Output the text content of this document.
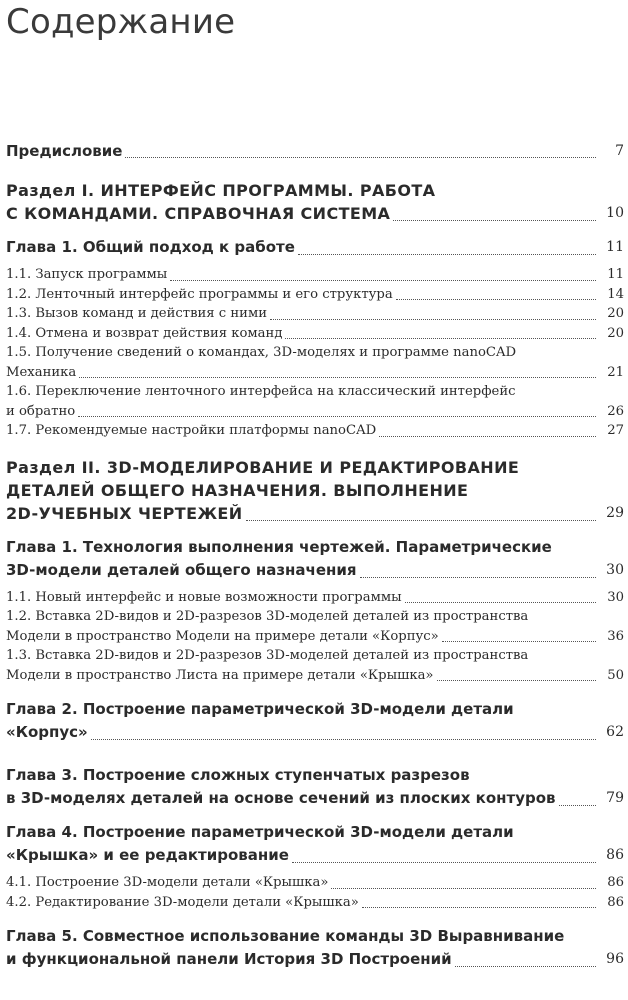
Содержание
Предисловие	7
Раздел I. ИНТЕРФЕЙС ПРОГРАММЫ. РАБОТА
С КОМАНДАМИ. СПРАВОЧНАЯ СИСТЕМА	10
Глава 1. Общий подход к работе	11
1.1. Запуск программы	11
1.2. Ленточный интерфейс программы и его структура	14
1.3. Вызов команд и действия с ними	20
1.4. Отмена и возврат действия команд	20
1.5. Получение сведений о командах, 3D-моделях и программе nanoCAD
Механика	21
1.6. Переключение ленточного интерфейса на классический интерфейс
и обратно	26
1.7. Рекомендуемые настройки платформы nanoCAD	27
Раздел II. 3D-МОДЕЛИРОВАНИЕ И РЕДАКТИРОВАНИЕ
ДЕТАЛЕЙ ОБЩЕГО НАЗНАЧЕНИЯ. ВЫПОЛНЕНИЕ
2D-УЧЕБНЫХ ЧЕРТЕЖЕЙ	29
Глава 1. Технология выполнения чертежей. Параметрические
3D-модели деталей общего назначения	30
1.1. Новый интерфейс и новые возможности программы	30
1.2. Вставка 2D-видов и 2D-разрезов 3D-моделей деталей из пространства
Модели в пространство Модели на примере детали «Корпус»	36
1.3. Вставка 2D-видов и 2D-разрезов 3D-моделей деталей из пространства
Модели в пространство Листа на примере детали «Крышка»	50
Глава 2. Построение параметрической 3D-модели детали
«Корпус»	62
Глава 3. Построение сложных ступенчатых разрезов
в 3D-моделях деталей на основе сечений из плоских контуров	79
Глава 4. Построение параметрической 3D-модели детали
«Крышка» и ее редактирование	86
4.1. Построение 3D-модели детали «Крышка»	86
4.2. Редактирование 3D-модели детали «Крышка»	86
Глава 5. Совместное использование команды 3D Выравнивание
и функциональной панели История 3D Построений	96
